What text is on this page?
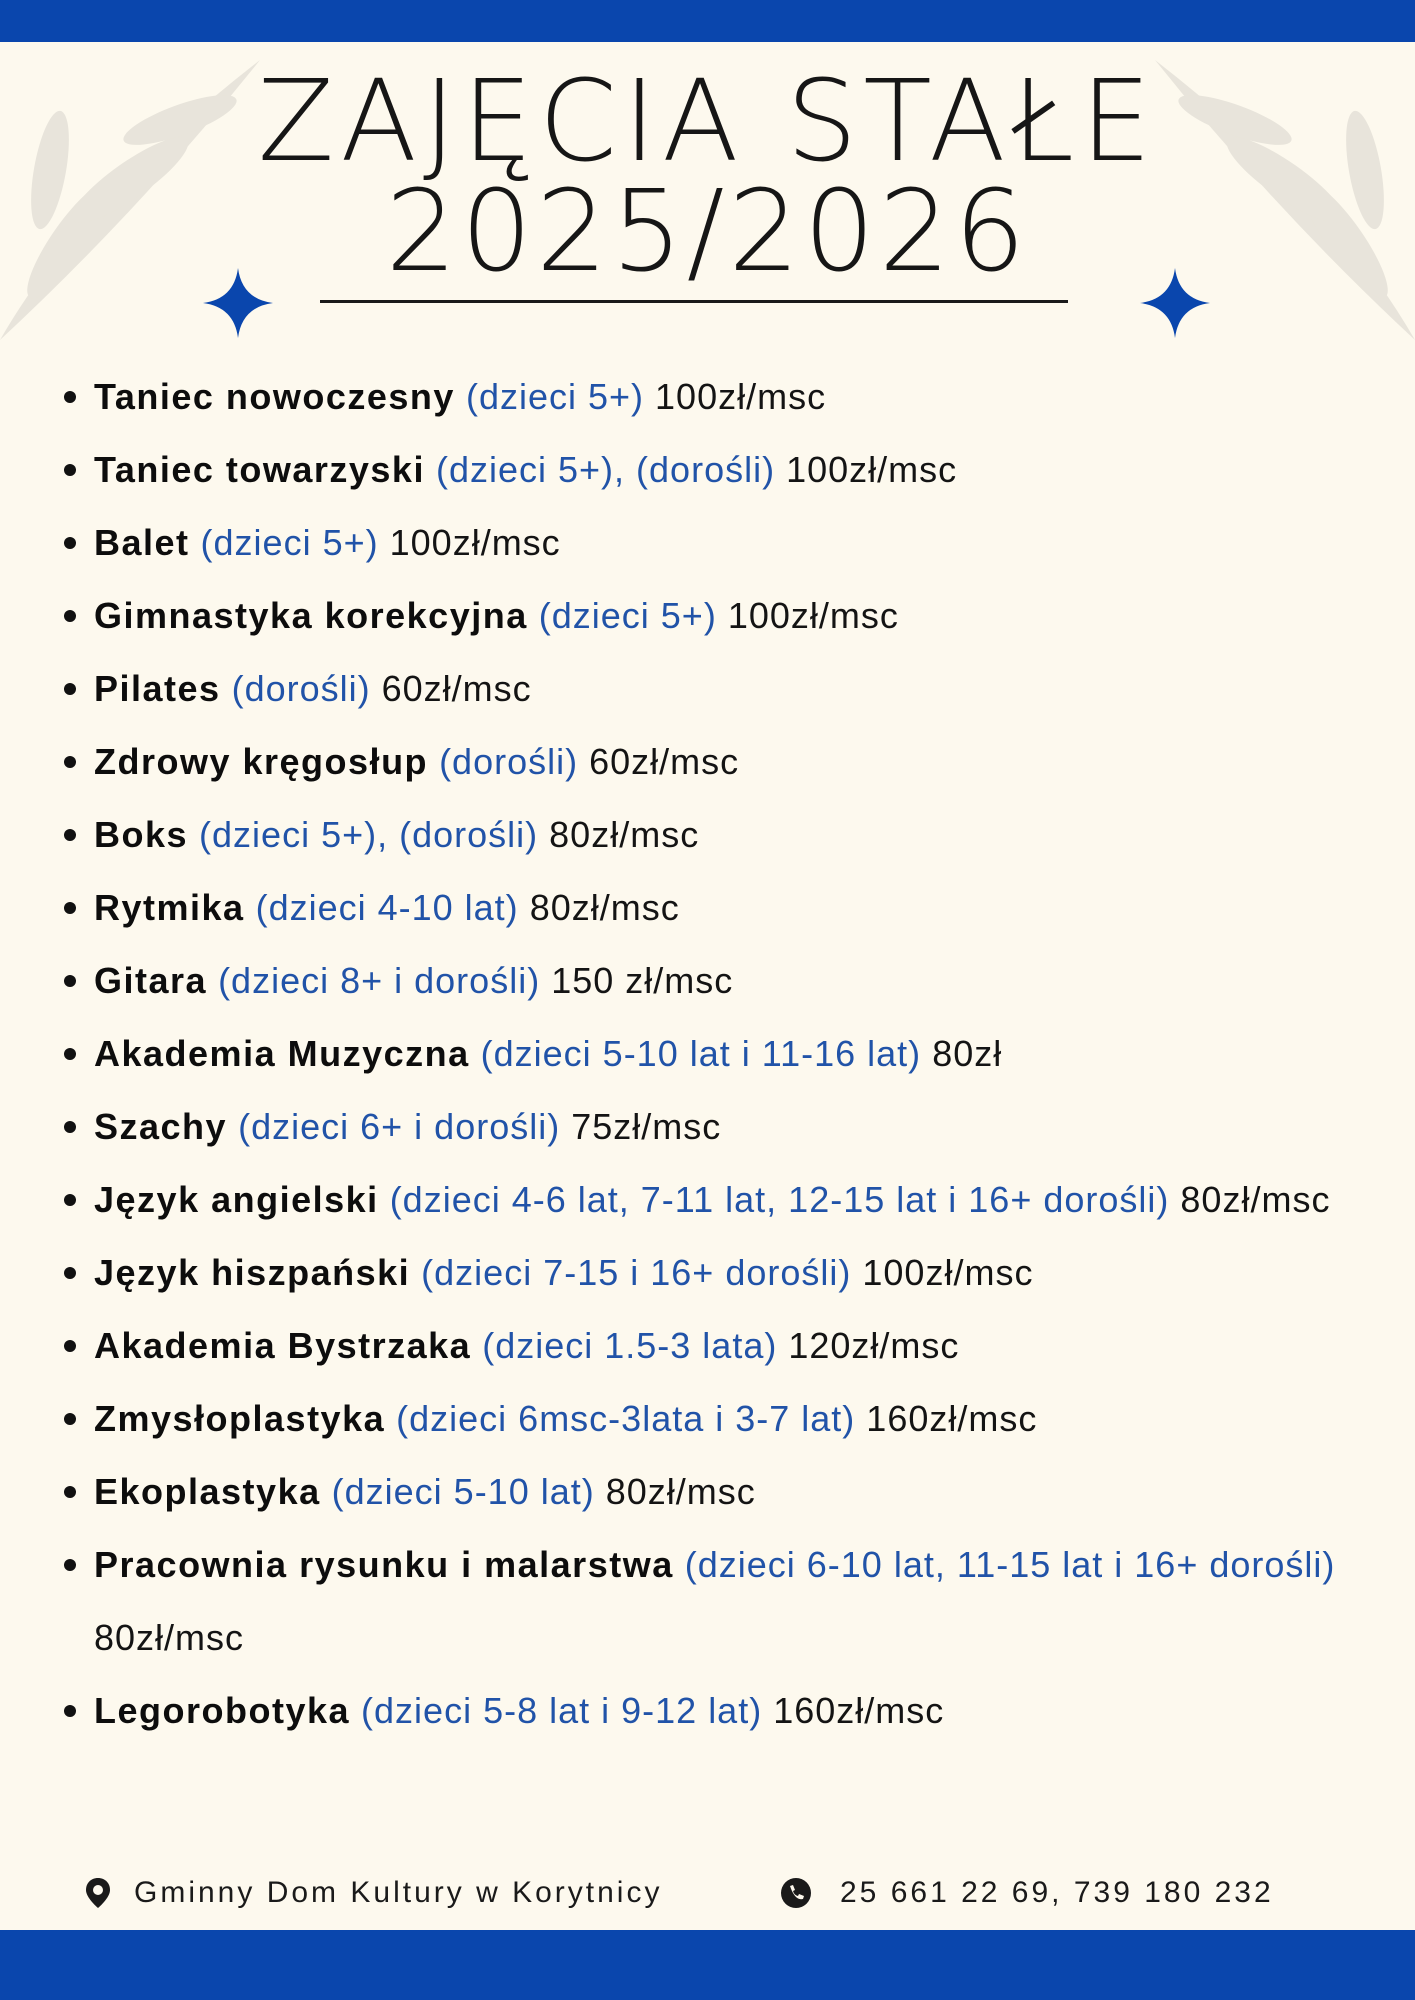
ZAJĘCIA STAŁE
2025/2026
Taniec nowoczesny (dzieci 5+) 100zł/msc
Taniec towarzyski (dzieci 5+), (dorośli) 100zł/msc
Balet (dzieci 5+) 100zł/msc
Gimnastyka korekcyjna (dzieci 5+) 100zł/msc
Pilates (dorośli) 60zł/msc
Zdrowy kręgosłup (dorośli) 60zł/msc
Boks (dzieci 5+), (dorośli) 80zł/msc
Rytmika (dzieci 4-10 lat) 80zł/msc
Gitara (dzieci 8+ i dorośli) 150 zł/msc
Akademia Muzyczna (dzieci 5-10 lat i 11-16 lat) 80zł
Szachy (dzieci 6+ i dorośli) 75zł/msc
Język angielski (dzieci 4-6 lat, 7-11 lat, 12-15 lat i 16+ dorośli) 80zł/msc
Język hiszpański (dzieci 7-15 i 16+ dorośli) 100zł/msc
Akademia Bystrzaka (dzieci 1.5-3 lata) 120zł/msc
Zmysłoplastyka (dzieci 6msc-3lata i 3-7 lat) 160zł/msc
Ekoplastyka (dzieci 5-10 lat) 80zł/msc
Pracownia rysunku i malarstwa (dzieci 6-10 lat, 11-15 lat i 16+ dorośli) 80zł/msc
Legorobotyka (dzieci 5-8 lat i 9-12 lat) 160zł/msc
Gminny Dom Kultury w Korytnicy	25 661 22 69, 739 180 232
